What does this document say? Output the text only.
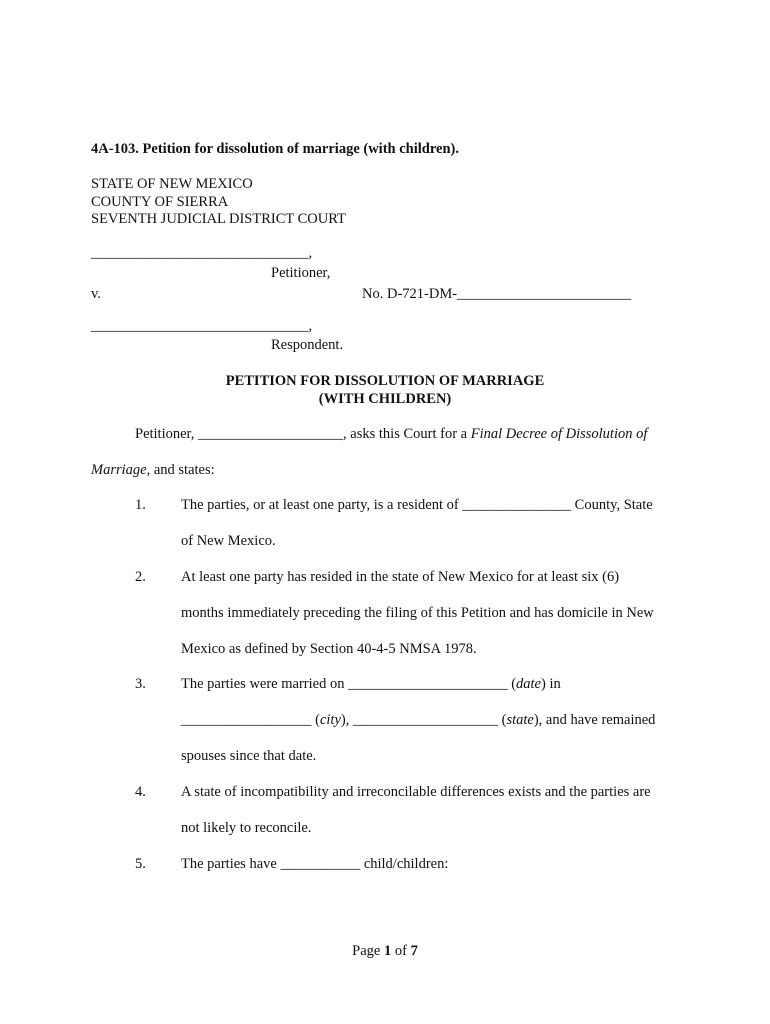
4A-103. Petition for dissolution of marriage (with children).
STATE OF NEW MEXICO
COUNTY OF SIERRA
SEVENTH JUDICIAL DISTRICT COURT
______________________________,
Petitioner,
v.	No. D-721-DM-________________________
______________________________,
Respondent.
PETITION FOR DISSOLUTION OF MARRIAGE
(WITH CHILDREN)
Petitioner, ____________________, asks this Court for a Final Decree of Dissolution of
Marriage, and states:
1. The parties, or at least one party, is a resident of _______________ County, State
of New Mexico.
2. At least one party has resided in the state of New Mexico for at least six (6)
months immediately preceding the filing of this Petition and has domicile in New
Mexico as defined by Section 40-4-5 NMSA 1978.
3. The parties were married on ______________________ (date) in
__________________ (city), ____________________ (state), and have remained
spouses since that date.
4. A state of incompatibility and irreconcilable differences exists and the parties are
not likely to reconcile.
5. The parties have ___________ child/children:
Page 1 of 7
